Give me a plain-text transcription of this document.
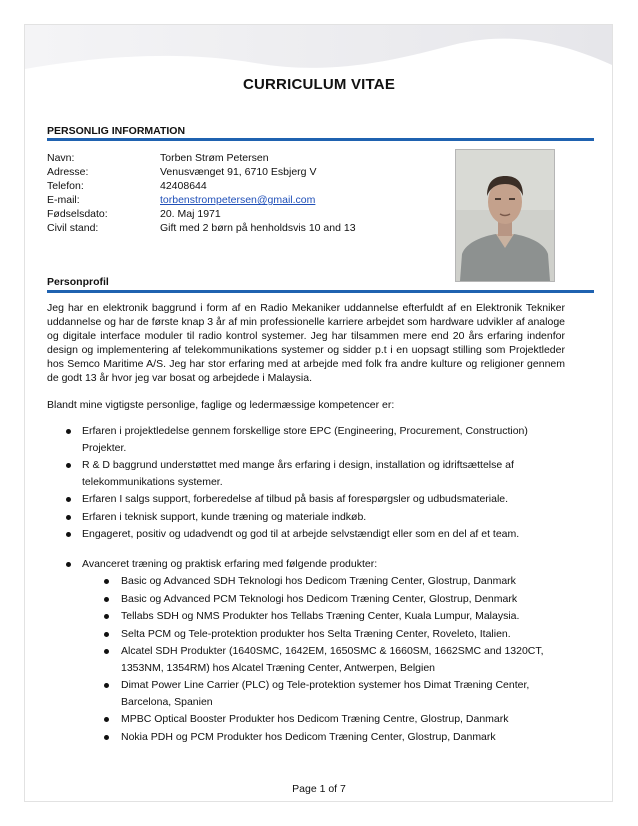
CURRICULUM VITAE
PERSONLIG INFORMATION
Navn:	Torben Strøm Petersen
Adresse:	Venusvænget 91, 6710 Esbjerg V
Telefon:	42408644
E-mail:	torbenstrompetersen@gmail.com
Fødselsdato:	20. Maj 1971
Civil stand:	Gift med 2 børn på henholdsvis 10 and 13
Personprofil

Jeg har en elektronik baggrund i form af en Radio Mekaniker uddannelse efterfuldt af en Elektronik Tekniker uddannelse og har de første knap 3 år af min professionelle karriere arbejdet som hardware udvikler af analoge og digitale interface moduler til radio kontrol systemer. Jeg har tilsammen mere end 20 års erfaring indenfor design og implementering af telekommunikations systemer og sidder p.t i en uopsagt stilling som Projektleder hos Semco Maritime A/S. Jeg har stor erfaring med at arbejde med folk fra andre kulture og religioner gennem de godt 13 år hvor jeg var bosat og arbejdede i Malaysia.

Blandt mine vigtigste personlige, faglige og ledermæssige kompetencer er:

Erfaren i projektledelse gennem forskellige store EPC (Engineering, Procurement, Construction) Projekter.
R & D baggrund understøttet med mange års erfaring i design, installation og idriftsættelse af telekommunikations systemer.
Erfaren I salgs support, forberedelse af tilbud på basis af forespørgsler og udbudsmateriale.
Erfaren i teknisk support, kunde træning og materiale indkøb.
Engageret, positiv og udadvendt og god til at arbejde selvstændigt eller som en del af et team.
Avanceret træning og praktisk erfaring med følgende produkter:
Basic og Advanced SDH Teknologi hos Dedicom Træning Center, Glostrup, Danmark
Basic og Advanced PCM Teknologi hos Dedicom Træning Center, Glostrup, Denmark
Tellabs SDH og NMS Produkter hos Tellabs Træning Center, Kuala Lumpur, Malaysia.
Selta PCM og Tele-protektion produkter hos Selta Træning Center, Roveleto, Italien.
Alcatel SDH Produkter (1640SMC, 1642EM, 1650SMC & 1660SM, 1662SMC and 1320CT, 1353NM, 1354RM) hos Alcatel Træning Center, Antwerpen, Belgien
Dimat Power Line Carrier (PLC) og Tele-protektion systemer hos Dimat Træning Center, Barcelona, Spanien
MPBC Optical Booster Produkter hos Dedicom Træning Centre, Glostrup, Danmark
Nokia PDH og PCM Produkter hos Dedicom Træning Center, Glostrup, Danmark

Page 1 of 7
